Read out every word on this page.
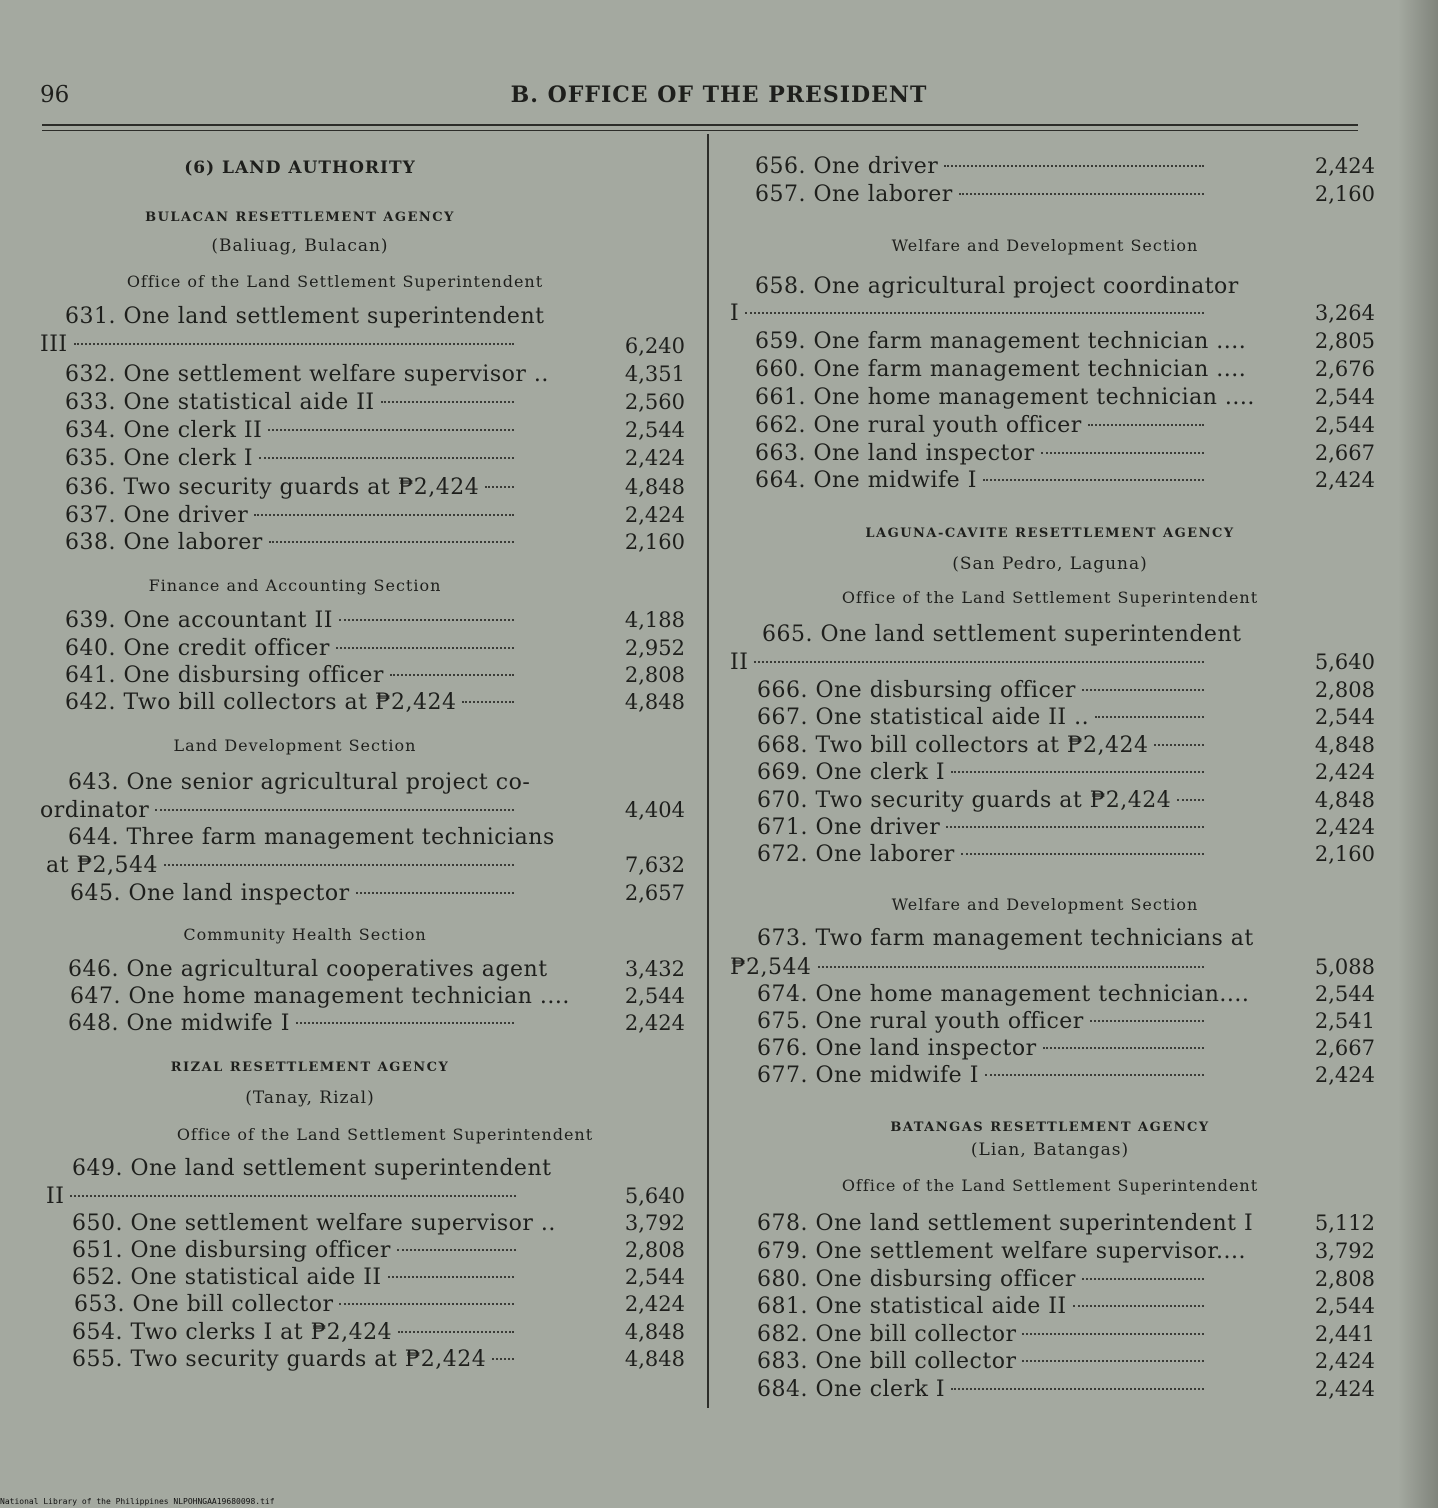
96	B. OFFICE OF THE PRESIDENT
(6) LAND AUTHORITY
BULACAN RESETTLEMENT AGENCY
(Baliuag, Bulacan)
Office of the Land Settlement Superintendent
631. One land settlement superintendent
III	6,240
632. One settlement welfare supervisor ..	4,351
633. One statistical aide II	2,560
634. One clerk II	2,544
635. One clerk I	2,424
636. Two security guards at ₱2,424	4,848
637. One driver	2,424
638. One laborer	2,160
Finance and Accounting Section
639. One accountant II	4,188
640. One credit officer	2,952
641. One disbursing officer	2,808
642. Two bill collectors at ₱2,424	4,848
Land Development Section
643. One senior agricultural project co-
ordinator	4,404
644. Three farm management technicians
at ₱2,544	7,632
645. One land inspector	2,657
Community Health Section
646. One agricultural cooperatives agent	3,432
647. One home management technician ....	2,544
648. One midwife I	2,424
RIZAL RESETTLEMENT AGENCY
(Tanay, Rizal)
Office of the Land Settlement Superintendent
649. One land settlement superintendent
II	5,640
650. One settlement welfare supervisor ..	3,792
651. One disbursing officer	2,808
652. One statistical aide II	2,544
653. One bill collector	2,424
654. Two clerks I at ₱2,424	4,848
655. Two security guards at ₱2,424	4,848
656. One driver	2,424
657. One laborer	2,160
Welfare and Development Section
658. One agricultural project coordinator
I	3,264
659. One farm management technician ....	2,805
660. One farm management technician ....	2,676
661. One home management technician ....	2,544
662. One rural youth officer	2,544
663. One land inspector	2,667
664. One midwife I	2,424
LAGUNA-CAVITE RESETTLEMENT AGENCY
(San Pedro, Laguna)
Office of the Land Settlement Superintendent
665. One land settlement superintendent
II	5,640
666. One disbursing officer	2,808
667. One statistical aide II ..	2,544
668. Two bill collectors at ₱2,424	4,848
669. One clerk I	2,424
670. Two security guards at ₱2,424	4,848
671. One driver	2,424
672. One laborer	2,160
Welfare and Development Section
673. Two farm management technicians at
₱2,544	5,088
674. One home management technician....	2,544
675. One rural youth officer	2,541
676. One land inspector	2,667
677. One midwife I	2,424
BATANGAS RESETTLEMENT AGENCY
(Lian, Batangas)
Office of the Land Settlement Superintendent
678. One land settlement superintendent I	5,112
679. One settlement welfare supervisor....	3,792
680. One disbursing officer	2,808
681. One statistical aide II	2,544
682. One bill collector	2,441
683. One bill collector	2,424
684. One clerk I	2,424
National Library of the Philippines NLPOHNGAA19680098.tif
